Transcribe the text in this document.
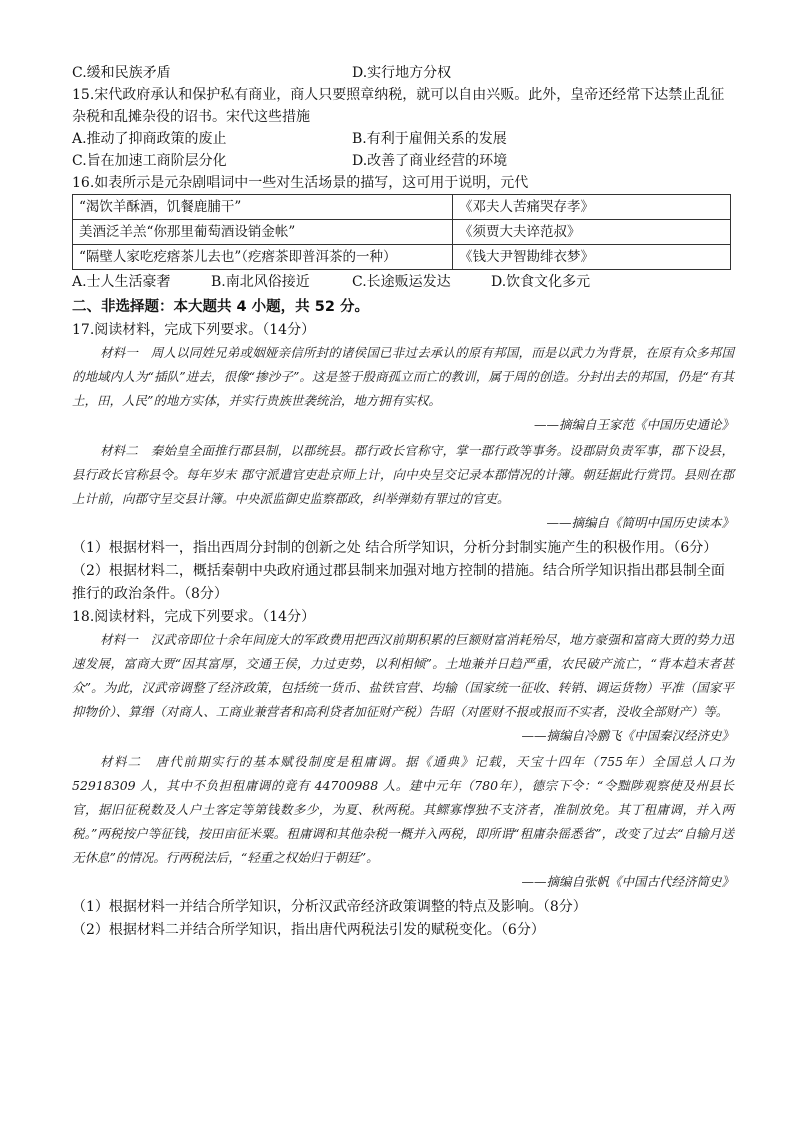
C.缓和民族矛盾	D.实行地方分权

15.宋代政府承认和保护私有商业，商人只要照章纳税，就可以自由兴贩。此外，皇帝还经常下达禁止乱征

杂税和乱摊杂役的诏书。宋代这些措施

A.推动了抑商政策的废止	B.有利于雇佣关系的发展
C.旨在加速工商阶层分化	D.改善了商业经营的环境

16.如表所示是元杂剧唱词中一些对生活场景的描写，这可用于说明，元代

“渴饮羊酥酒，饥餐鹿脯干”	《邓夫人苦痛哭存孝》
美酒泛羊羔“你那里葡萄酒设销金帐”	《须贾大夫谇范叔》
“隔壁人家吃疙瘩茶儿去也”（疙瘩茶即普洱茶的一种）	《钱大尹智勘绯衣梦》
A.士人生活豪奢	B.南北风俗接近	C.长途贩运发达	D.饮食文化多元

二、非选择题：本大题共 4 小题，共 52 分。

17.阅读材料，完成下列要求。（14分）

材料一　周人以同姓兄弟或姻娅亲信所封的诸侯国已非过去承认的原有邦国，而是以武力为背景，在原有众多邦国的地域内人为“插队”进去，很像“掺沙子”。这是签于殷商孤立而亡的教训，属于周的创造。分封出去的邦国，仍是“有其土，田，人民”的地方实体，并实行贵族世袭统治，地方拥有实权。

——摘编自王家范《中国历史通论》

材料二　秦始皇全面推行郡县制，以郡统县。郡行政长官称守，掌一郡行政等事务。设郡尉负责军事，郡下设县，县行政长官称县令。每年岁末 郡守派遣官吏赴京师上计，向中央呈交记录本郡情况的计簿。朝廷据此行赏罚。县则在郡上计前，向郡守呈交县计簿。中央派监御史监察郡政，纠举弹劾有罪过的官吏。

——摘编自《简明中国历史读本》

（1）根据材料一，指出西周分封制的创新之处 结合所学知识，分析分封制实施产生的积极作用。（6分）

（2）根据材料二，概括秦朝中央政府通过郡县制来加强对地方控制的措施。结合所学知识指出郡县制全面

推行的政治条件。（8分）

18.阅读材料，完成下列要求。（14分）

材料一　汉武帝即位十余年间庞大的军政费用把西汉前期积累的巨额财富消耗殆尽，地方豪强和富商大贾的势力迅速发展，富商大贾“因其富厚，交通王侯，力过吏势，以利相倾”。土地兼并日趋严重，农民破产流亡，“背本趋末者甚众”。为此，汉武帝调整了经济政策，包括统一货币、盐铁官营、均输（国家统一征收、转销、调运货物）平准（国家平抑物价）、算缗（对商人、工商业兼营者和高利贷者加征财产税）告昭（对匿财不报或报而不实者，没收全部财产）等。

——摘编自冷鹏飞《中国秦汉经济史》

材料二　唐代前期实行的基本赋役制度是租庸调。据《通典》记载，天宝十四年（755年）全国总人口为 52918309 人，其中不负担租庸调的竟有 44700988 人。建中元年（780年），德宗下令：“令黜陟观察使及州县长官，据旧征税数及人户土客定等第钱数多少，为夏、秋两税。其鳏寡惸独不支济者，准制放免。其丁租庸调，并入两税。”两税按户等征钱，按田亩征米粟。租庸调和其他杂税一概并入两税，即所谓“租庸杂徭悉省”，改变了过去“自输月送无休息”的情况。行两税法后，“轻重之权始归于朝廷”。

——摘编自张帆《中国古代经济简史》

（1）根据材料一并结合所学知识，分析汉武帝经济政策调整的特点及影响。（8分）

（2）根据材料二并结合所学知识，指出唐代两税法引发的赋税变化。（6分）
